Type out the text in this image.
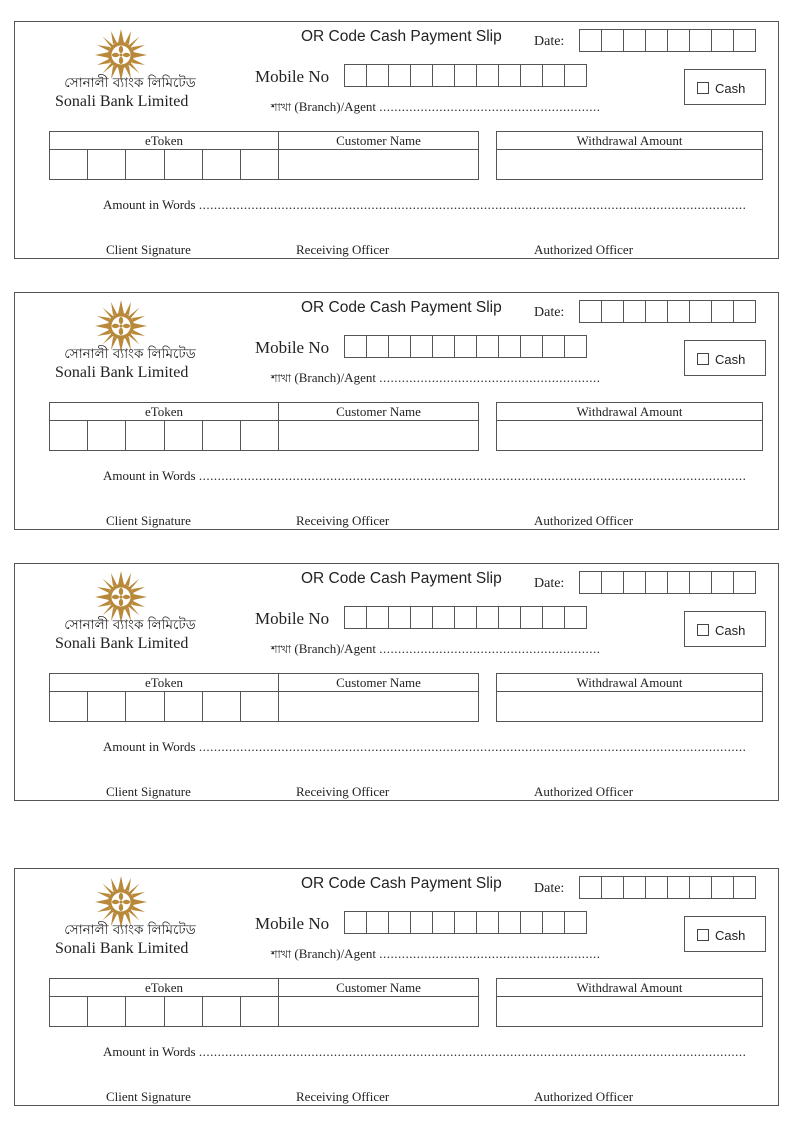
সোনালী ব্যাংক লিমিটেড
Sonali Bank Limited
OR Code Cash Payment Slip Date:
Mobile No
Cash
শাখা (Branch)/Agent ...........................................................
eToken	Customer Name	Withdrawal Amount
Amount in Words ..................................................................................................................................................
Client Signature	Receiving Officer	Authorized Officer
সোনালী ব্যাংক লিমিটেড
Sonali Bank Limited
OR Code Cash Payment Slip Date:
Mobile No
Cash
শাখা (Branch)/Agent ...........................................................
eToken	Customer Name	Withdrawal Amount
Amount in Words ..................................................................................................................................................
Client Signature	Receiving Officer	Authorized Officer
সোনালী ব্যাংক লিমিটেড
Sonali Bank Limited
OR Code Cash Payment Slip Date:
Mobile No
Cash
শাখা (Branch)/Agent ...........................................................
eToken	Customer Name	Withdrawal Amount
Amount in Words ..................................................................................................................................................
Client Signature	Receiving Officer	Authorized Officer
সোনালী ব্যাংক লিমিটেড
Sonali Bank Limited
OR Code Cash Payment Slip Date:
Mobile No
Cash
শাখা (Branch)/Agent ...........................................................
eToken	Customer Name	Withdrawal Amount
Amount in Words ..................................................................................................................................................
Client Signature	Receiving Officer	Authorized Officer
